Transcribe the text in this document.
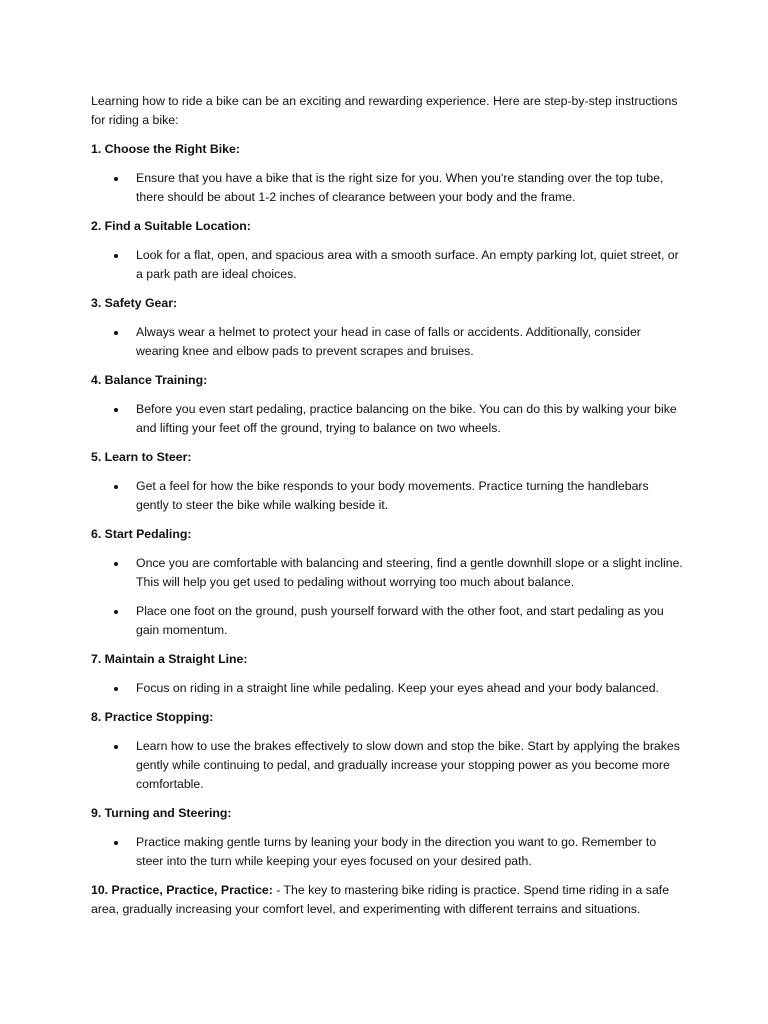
Learning how to ride a bike can be an exciting and rewarding experience. Here are step-by-step instructions for riding a bike:

1. Choose the Right Bike:

Ensure that you have a bike that is the right size for you. When you're standing over the top tube, there should be about 1-2 inches of clearance between your body and the frame.

2. Find a Suitable Location:

Look for a flat, open, and spacious area with a smooth surface. An empty parking lot, quiet street, or a park path are ideal choices.

3. Safety Gear:

Always wear a helmet to protect your head in case of falls or accidents. Additionally, consider wearing knee and elbow pads to prevent scrapes and bruises.

4. Balance Training:

Before you even start pedaling, practice balancing on the bike. You can do this by walking your bike and lifting your feet off the ground, trying to balance on two wheels.

5. Learn to Steer:

Get a feel for how the bike responds to your body movements. Practice turning the handlebars gently to steer the bike while walking beside it.

6. Start Pedaling:

Once you are comfortable with balancing and steering, find a gentle downhill slope or a slight incline. This will help you get used to pedaling without worrying too much about balance.
Place one foot on the ground, push yourself forward with the other foot, and start pedaling as you gain momentum.

7. Maintain a Straight Line:

Focus on riding in a straight line while pedaling. Keep your eyes ahead and your body balanced.

8. Practice Stopping:

Learn how to use the brakes effectively to slow down and stop the bike. Start by applying the brakes gently while continuing to pedal, and gradually increase your stopping power as you become more comfortable.

9. Turning and Steering:

Practice making gentle turns by leaning your body in the direction you want to go. Remember to steer into the turn while keeping your eyes focused on your desired path.

10. Practice, Practice, Practice: - The key to mastering bike riding is practice. Spend time riding in a safe area, gradually increasing your comfort level, and experimenting with different terrains and situations.
